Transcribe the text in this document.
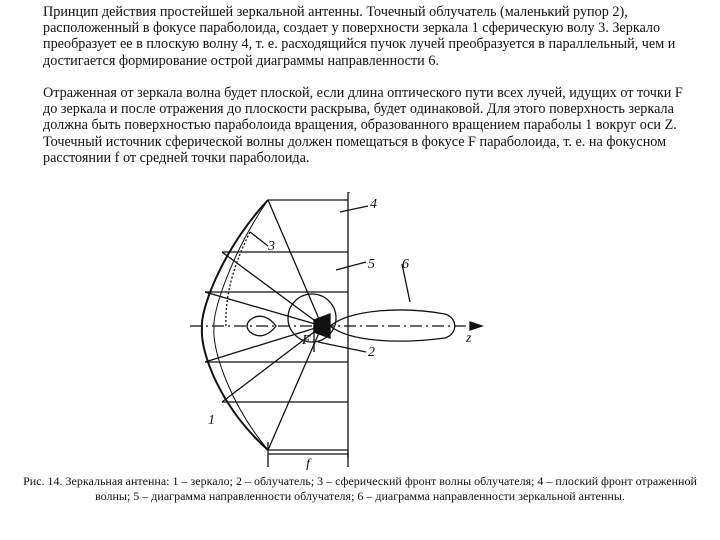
Принцип действия простейшей зеркальной антенны. Точечный облучатель (маленький рупор 2), расположенный в фокусе параболоида, создает у поверхности зеркала 1 сферическую волу 3. Зеркало преобразует ее в плоскую волну 4, т. е. расходящийся пучок лучей преобразуется в параллельный, чем и достигается формирование острой диаграммы направленности 6.
Отраженная от зеркала волна будет плоской, если длина оптического пути всех лучей, идущих от точки F до зеркала и после отражения до плоскости раскрыва, будет одинаковой. Для этого поверхность зеркала должна быть поверхностью параболоида вращения, образованного вращением параболы 1 вокруг оси Z. Точечный источник сферической волны должен помещаться в фокусе F параболоида, т. е. на фокусном расстоянии f от средней точки параболоида.
4
3
5 6
F
2
z
1
f
Рис. 14. Зеркальная антенна: 1 – зеркало; 2 – облучатель; 3 – сферический фронт волны облучателя; 4 – плоский фронт отраженной волны; 5 – диаграмма направленности облучателя; 6 – диаграмма направленности зеркальной антенны.
